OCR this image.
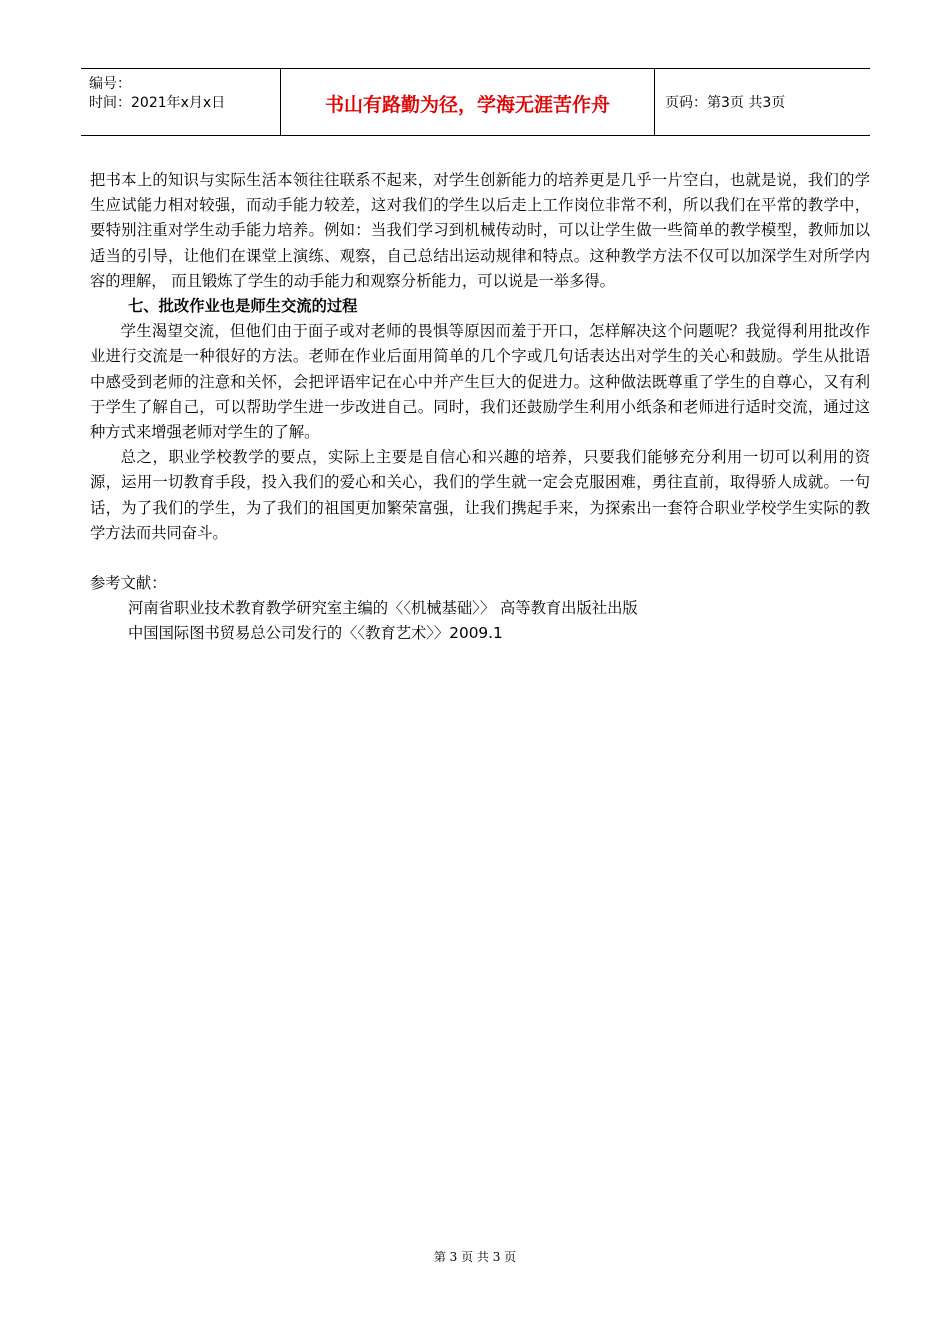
编号：
时间：2021年x月x日	书山有路勤为径，学海无涯苦作舟	页码：第3页 共3页

把书本上的知识与实际生活本领往往联系不起来，对学生创新能力的培养更是几乎一片空白，也就是说，我们的学生应试能力相对较强，而动手能力较差，这对我们的学生以后走上工作岗位非常不利，所以我们在平常的教学中，要特别注重对学生动手能力培养。例如：当我们学习到机械传动时，可以让学生做一些简单的教学模型，教师加以适当的引导，让他们在课堂上演练、观察，自己总结出运动规律和特点。这种教学方法不仅可以加深学生对所学内容的理解， 而且锻炼了学生的动手能力和观察分析能力，可以说是一举多得。

七、批改作业也是师生交流的过程

学生渴望交流，但他们由于面子或对老师的畏惧等原因而羞于开口，怎样解决这个问题呢？我觉得利用批改作业进行交流是一种很好的方法。老师在作业后面用简单的几个字或几句话表达出对学生的关心和鼓励。学生从批语中感受到老师的注意和关怀，会把评语牢记在心中并产生巨大的促进力。这种做法既尊重了学生的自尊心，又有利于学生了解自己，可以帮助学生进一步改进自己。同时，我们还鼓励学生利用小纸条和老师进行适时交流，通过这种方式来增强老师对学生的了解。

总之，职业学校教学的要点，实际上主要是自信心和兴趣的培养，只要我们能够充分利用一切可以利用的资源，运用一切教育手段，投入我们的爱心和关心，我们的学生就一定会克服困难，勇往直前，取得骄人成就。一句话，为了我们的学生，为了我们的祖国更加繁荣富强，让我们携起手来，为探索出一套符合职业学校学生实际的教学方法而共同奋斗。

参考文献：

河南省职业技术教育教学研究室主编的〈〈机械基础〉〉 高等教育出版社出版

中国国际图书贸易总公司发行的〈〈教育艺术〉〉2009.1

第 3 页 共 3 页
